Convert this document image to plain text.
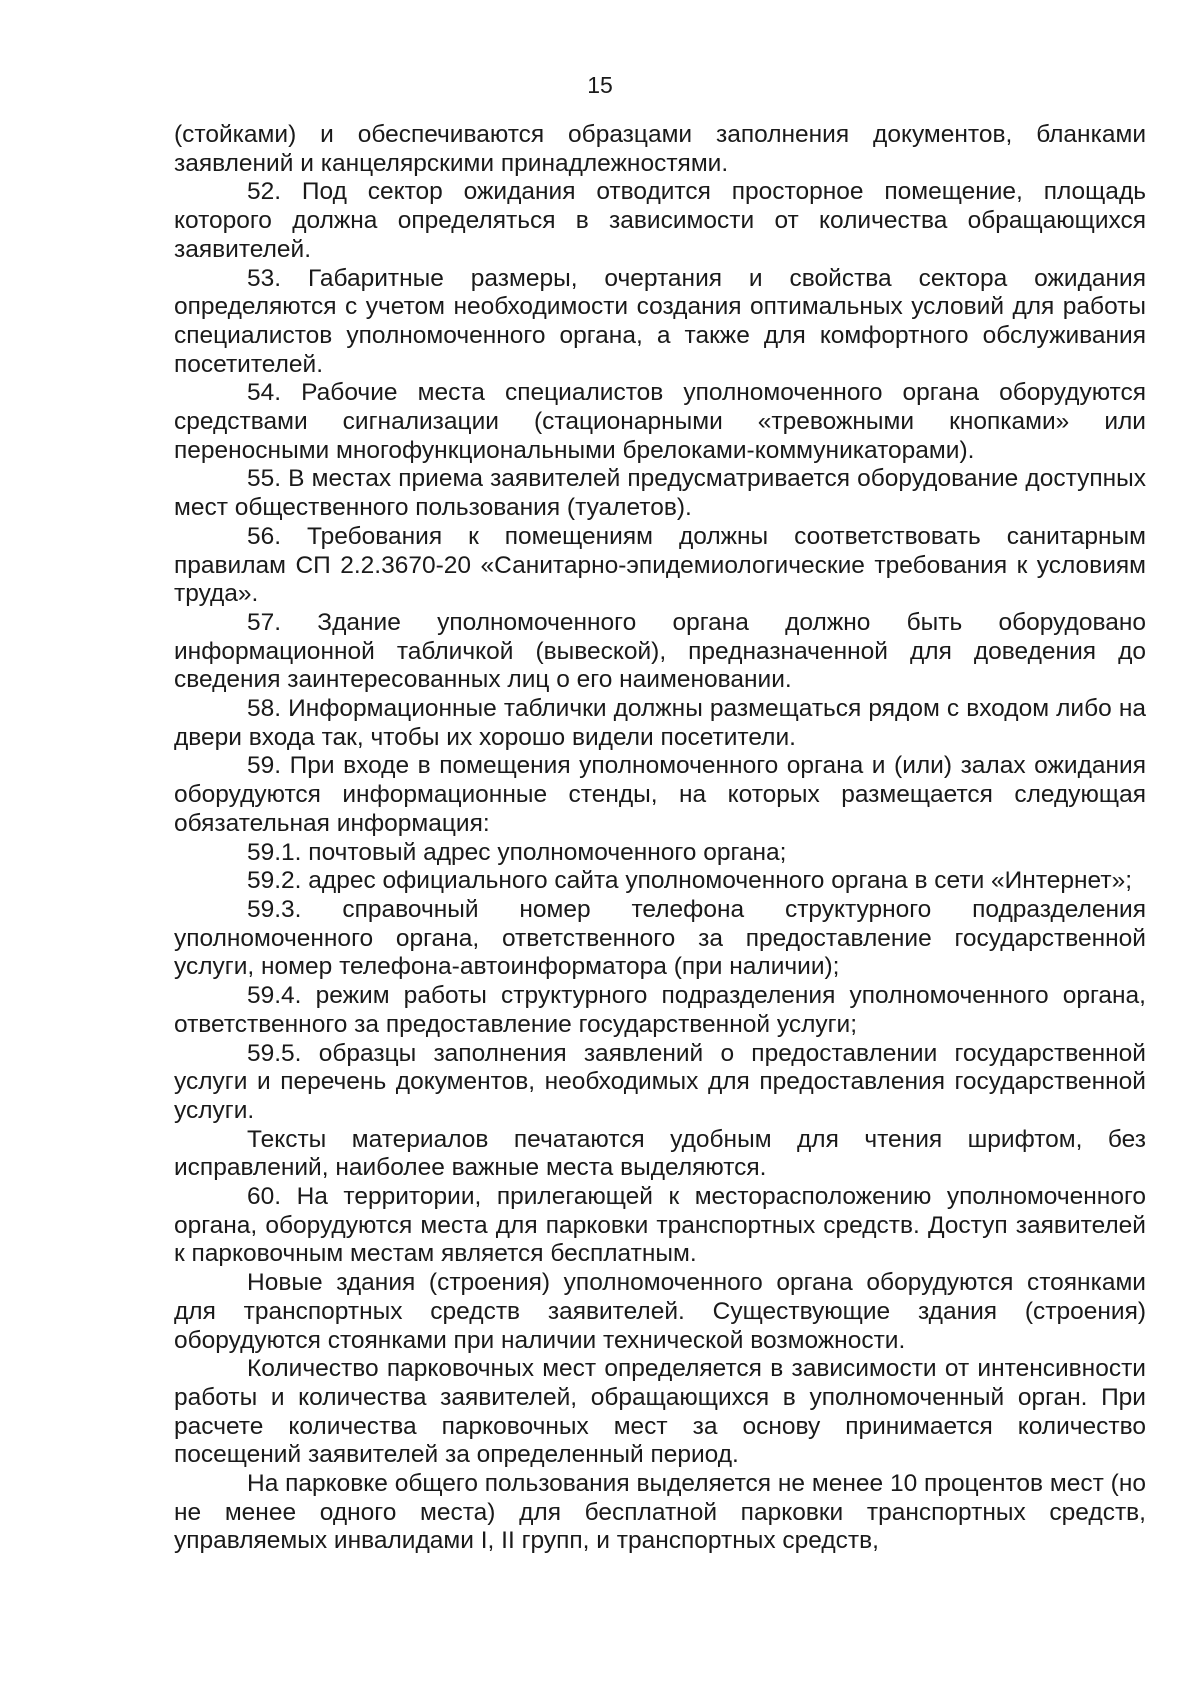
15

(стойками) и обеспечиваются образцами заполнения документов, бланками заявлений и канцелярскими принадлежностями.

52. Под сектор ожидания отводится просторное помещение, площадь которого должна определяться в зависимости от количества обращающихся заявителей.

53. Габаритные размеры, очертания и свойства сектора ожидания определяются с учетом необходимости создания оптимальных условий для работы специалистов уполномоченного органа, а также для комфортного обслуживания посетителей.

54. Рабочие места специалистов уполномоченного органа оборудуются средствами сигнализации (стационарными «тревожными кнопками» или переносными многофункциональными брелоками-коммуникаторами).

55. В местах приема заявителей предусматривается оборудование доступных мест общественного пользования (туалетов).

56. Требования к помещениям должны соответствовать санитарным правилам СП 2.2.3670-20 «Санитарно-эпидемиологические требования к условиям труда».

57. Здание уполномоченного органа должно быть оборудовано информационной табличкой (вывеской), предназначенной для доведения до сведения заинтересованных лиц о его наименовании.

58. Информационные таблички должны размещаться рядом с входом либо на двери входа так, чтобы их хорошо видели посетители.

59. При входе в помещения уполномоченного органа и (или) залах ожидания оборудуются информационные стенды, на которых размещается следующая обязательная информация:

59.1. почтовый адрес уполномоченного органа;

59.2. адрес официального сайта уполномоченного органа в сети «Интернет»;

59.3. справочный номер телефона структурного подразделения уполномоченного органа, ответственного за предоставление государственной услуги, номер телефона-автоинформатора (при наличии);

59.4. режим работы структурного подразделения уполномоченного органа, ответственного за предоставление государственной услуги;

59.5. образцы заполнения заявлений о предоставлении государственной услуги и перечень документов, необходимых для предоставления государственной услуги.

Тексты материалов печатаются удобным для чтения шрифтом, без исправлений, наиболее важные места выделяются.

60. На территории, прилегающей к месторасположению уполномоченного органа, оборудуются места для парковки транспортных средств. Доступ заявителей к парковочным местам является бесплатным.

Новые здания (строения) уполномоченного органа оборудуются стоянками для транспортных средств заявителей. Существующие здания (строения) оборудуются стоянками при наличии технической возможности.

Количество парковочных мест определяется в зависимости от интенсивности работы и количества заявителей, обращающихся в уполномоченный орган. При расчете количества парковочных мест за основу принимается количество посещений заявителей за определенный период.

На парковке общего пользования выделяется не менее 10 процентов мест (но не менее одного места) для бесплатной парковки транспортных средств, управляемых инвалидами I, II групп, и транспортных средств,
